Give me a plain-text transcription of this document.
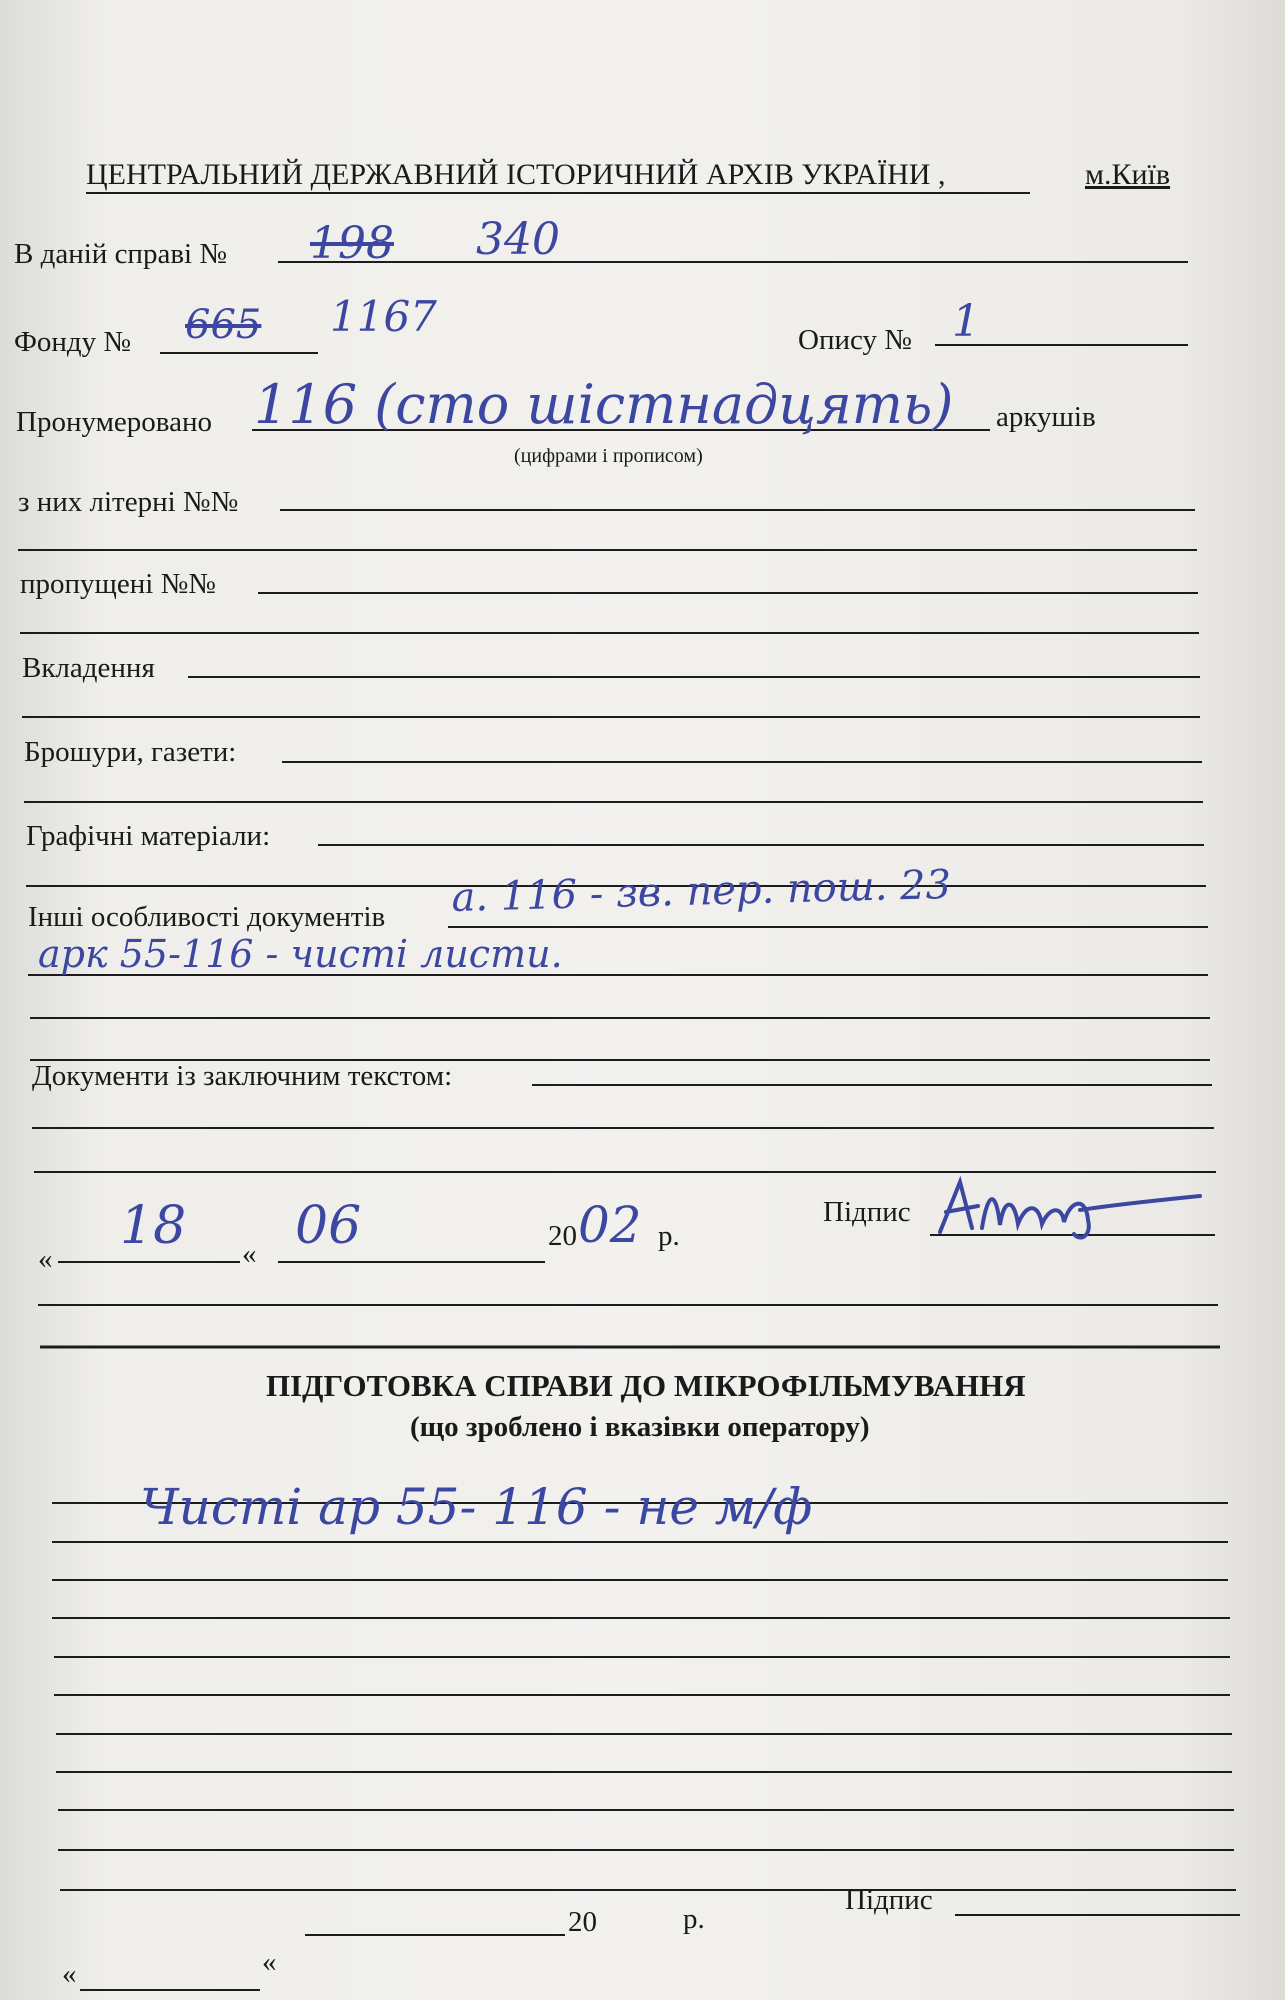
ЦЕНТРАЛЬНИЙ ДЕРЖАВНИЙ ІСТОРИЧНИЙ АРХІВ УКРАЇНИ ,	м.Київ
В даній справі № 198 340
Фонду № 665 1167	Опису № 1
Пронумеровано 116 (сто шістнадцять) аркушів
(цифрами і прописом)
з них літерні №№
пропущені №№
Вкладення
Брошури, газети:
Графічні матеріали:
Інші особливості документів а. 116 - зв. пер. пош. 23
арк 55-116 - чисті листи.
Документи із заключним текстом:
«
18 « 06	20 02 р.
Підпис
ПІДГОТОВКА СПРАВИ ДО МІКРОФІЛЬМУВАННЯ
(що зроблено і вказівки оператору)
Чисті ар 55- 116 - не м/ф
20	р.
Підпис
«	«
